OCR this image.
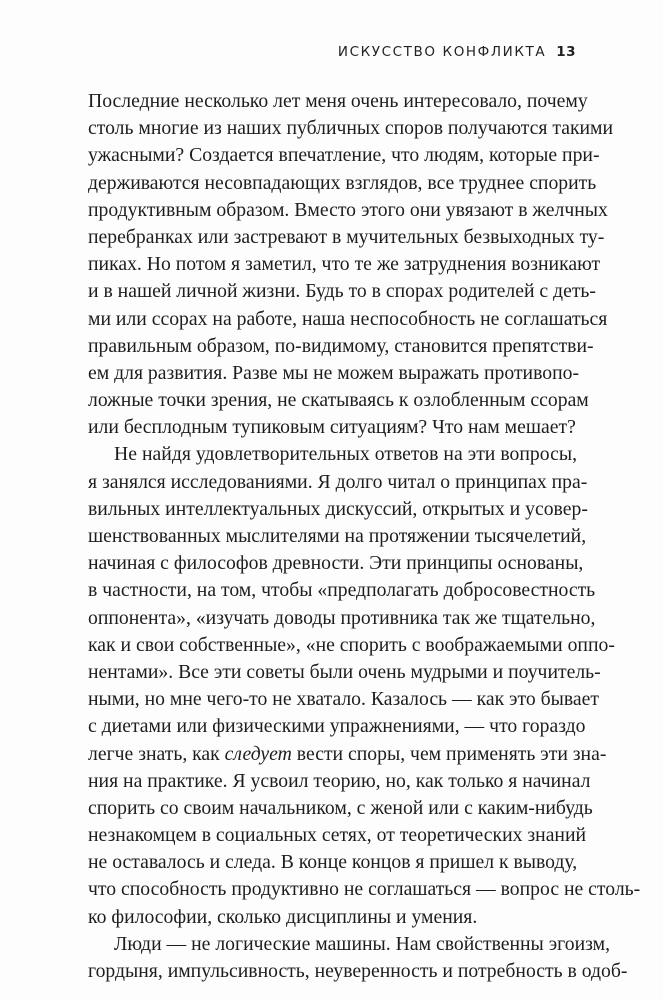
ИСКУССТВО КОНФЛИКТА 13
Последние несколько лет меня очень интересовало, почему
столь многие из наших публичных споров получаются такими
ужасными? Создается впечатление, что людям, которые при-
держиваются несовпадающих взглядов, все труднее спорить
продуктивным образом. Вместо этого они увязают в желчных
перебранках или застревают в мучительных безвыходных ту-
пиках. Но потом я заметил, что те же затруднения возникают
и в нашей личной жизни. Будь то в спорах родителей с деть-
ми или ссорах на работе, наша неспособность не соглашаться
правильным образом, по-видимому, становится препятстви-
ем для развития. Разве мы не можем выражать противопо-
ложные точки зрения, не скатываясь к озлобленным ссорам
или бесплодным тупиковым ситуациям? Что нам мешает?
Не найдя удовлетворительных ответов на эти вопросы,
я занялся исследованиями. Я долго читал о принципах пра-
вильных интеллектуальных дискуссий, открытых и усовер-
шенствованных мыслителями на протяжении тысячелетий,
начиная с философов древности. Эти принципы основаны,
в частности, на том, чтобы «предполагать добросовестность
оппонента», «изучать доводы противника так же тщательно,
как и свои собственные», «не спорить с воображаемыми оппо-
нентами». Все эти советы были очень мудрыми и поучитель-
ными, но мне чего-то не хватало. Казалось — как это бывает
с диетами или физическими упражнениями, — что гораздо
легче знать, как следует вести споры, чем применять эти зна-
ния на практике. Я усвоил теорию, но, как только я начинал
спорить со своим начальником, с женой или с каким-нибудь
незнакомцем в социальных сетях, от теоретических знаний
не оставалось и следа. В конце концов я пришел к выводу,
что способность продуктивно не соглашаться — вопрос не столь-
ко философии, сколько дисциплины и умения.
Люди — не логические машины. Нам свойственны эгоизм,
гордыня, импульсивность, неуверенность и потребность в одоб-
